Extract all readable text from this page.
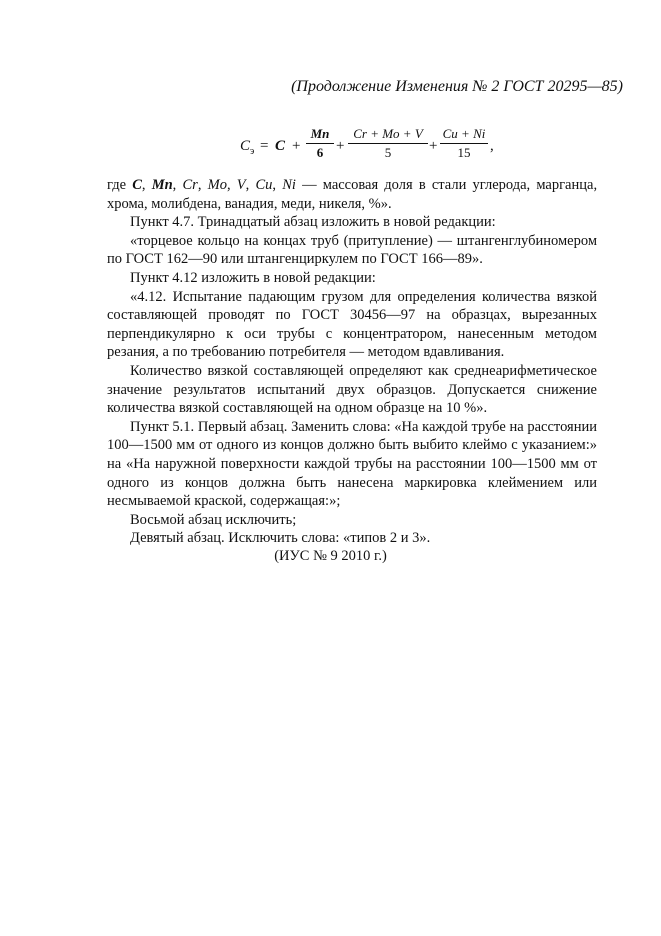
(Продолжение Изменения № 2 ГОСТ 20295—85)
$C_э = C + \frac{Mn}{6} + \frac{Cr + Mo + V}{5} + \frac{Cu + Ni}{15}$ ,

где C, Mn, Cr, Mo, V, Cu, Ni — массовая доля в стали углерода, марганца, хрома, молибдена, ванадия, меди, никеля, %».

Пункт 4.7. Тринадцатый абзац изложить в новой редакции:

«торцевое кольцо на концах труб (притупление) — штангенглубиномером по ГОСТ 162—90 или штангенциркулем по ГОСТ 166—89».

Пункт 4.12 изложить в новой редакции:

«4.12. Испытание падающим грузом для определения количества вязкой составляющей проводят по ГОСТ 30456—97 на образцах, вырезанных перпендикулярно к оси трубы с концентратором, нанесенным методом резания, а по требованию потребителя — методом вдавливания.

Количество вязкой составляющей определяют как среднеарифметическое значение результатов испытаний двух образцов. Допускается снижение количества вязкой составляющей на одном образце на 10 %».

Пункт 5.1. Первый абзац. Заменить слова: «На каждой трубе на расстоянии 100—1500 мм от одного из концов должно быть выбито клеймо с указанием:» на «На наружной поверхности каждой трубы на расстоянии 100—1500 мм от одного из концов должна быть нанесена маркировка клеймением или несмываемой краской, содержащая:»;

Восьмой абзац исключить;

Девятый абзац. Исключить слова: «типов 2 и 3».

(ИУС № 9 2010 г.)
